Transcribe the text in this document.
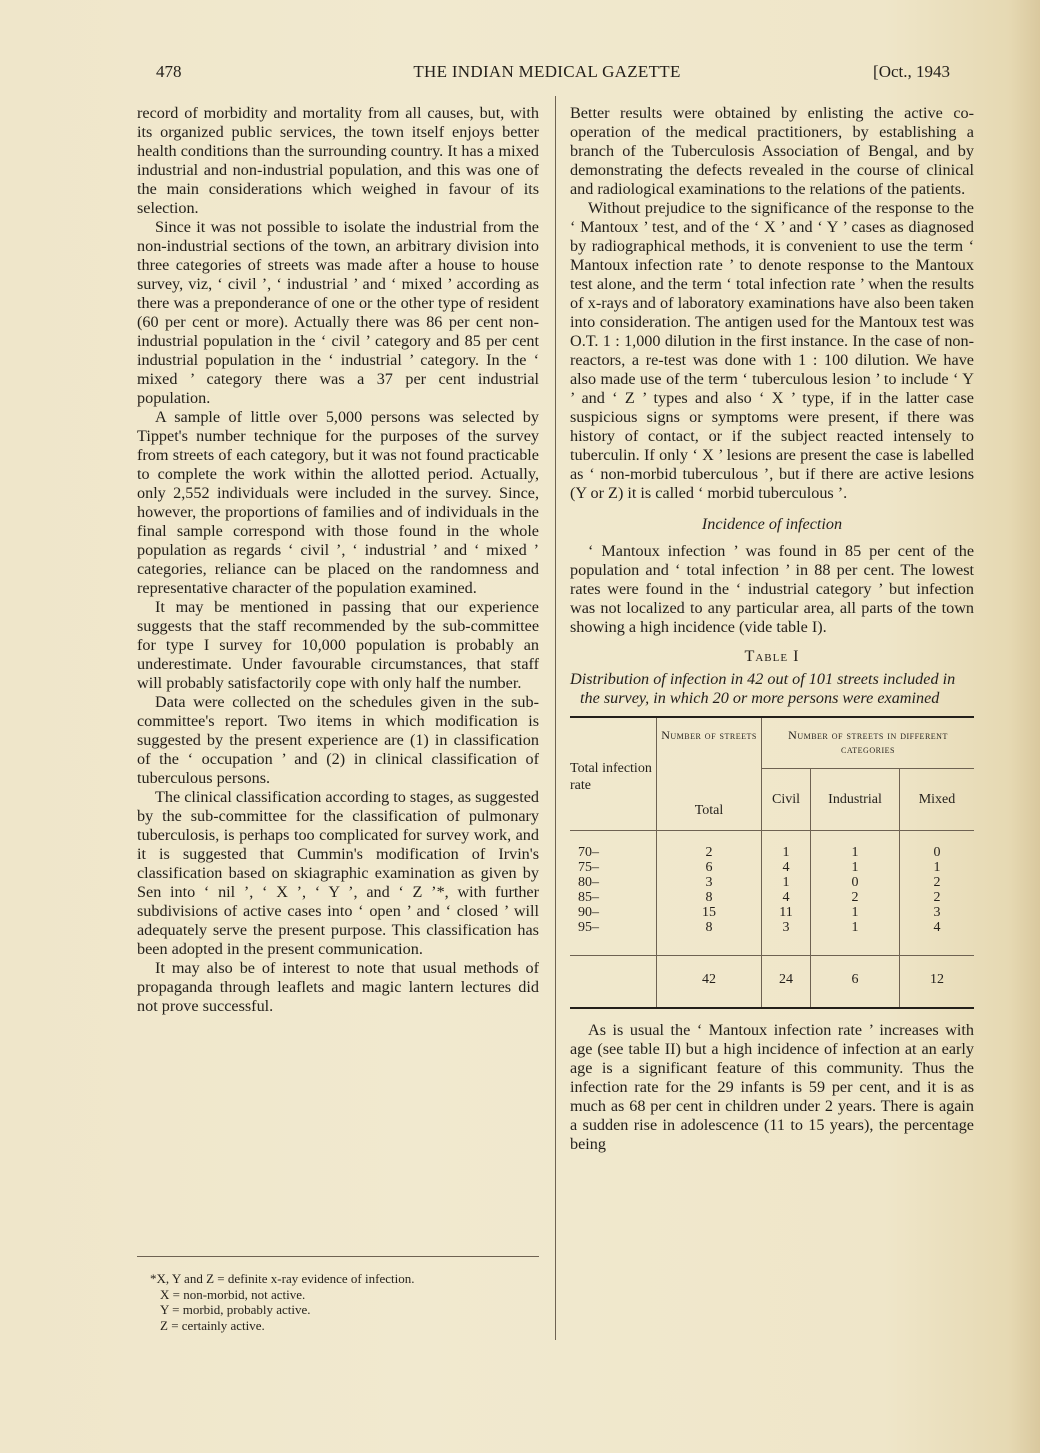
478	THE INDIAN MEDICAL GAZETTE	[Oct., 1943

record of morbidity and mortality from all causes, but, with its organized public services, the town itself enjoys better health conditions than the surrounding country. It has a mixed industrial and non-industrial population, and this was one of the main considerations which weighed in favour of its selection.

Since it was not possible to isolate the industrial from the non-industrial sections of the town, an arbitrary division into three categories of streets was made after a house to house survey, viz, ‘ civil ’, ‘ industrial ’ and ‘ mixed ’ according as there was a preponderance of one or the other type of resident (60 per cent or more). Actually there was 86 per cent non-industrial population in the ‘ civil ’ category and 85 per cent industrial population in the ‘ industrial ’ category. In the ‘ mixed ’ category there was a 37 per cent industrial population.

A sample of little over 5,000 persons was selected by Tippet's number technique for the purposes of the survey from streets of each category, but it was not found practicable to complete the work within the allotted period. Actually, only 2,552 individuals were included in the survey. Since, however, the proportions of families and of individuals in the final sample correspond with those found in the whole population as regards ‘ civil ’, ‘ industrial ’ and ‘ mixed ’ categories, reliance can be placed on the randomness and representative character of the population examined.

It may be mentioned in passing that our experience suggests that the staff recommended by the sub-committee for type I survey for 10,000 population is probably an underestimate. Under favourable circumstances, that staff will probably satisfactorily cope with only half the number.

Data were collected on the schedules given in the sub-committee's report. Two items in which modification is suggested by the present experience are (1) in classification of the ‘ occupation ’ and (2) in clinical classification of tuberculous persons.

The clinical classification according to stages, as suggested by the sub-committee for the classification of pulmonary tuberculosis, is perhaps too complicated for survey work, and it is suggested that Cummin's modification of Irvin's classification based on skiagraphic examination as given by Sen into ‘ nil ’, ‘ X ’, ‘ Y ’, and ‘ Z ’*, with further subdivisions of active cases into ‘ open ’ and ‘ closed ’ will adequately serve the present purpose. This classification has been adopted in the present communication.

It may also be of interest to note that usual methods of propaganda through leaflets and magic lantern lectures did not prove successful.

*X, Y and Z = definite x-ray evidence of infection.
X = non-morbid, not active.
Y = morbid, probably active.
Z = certainly active.

Better results were obtained by enlisting the active co-operation of the medical practitioners, by establishing a branch of the Tuberculosis Association of Bengal, and by demonstrating the defects revealed in the course of clinical and radiological examinations to the relations of the patients.

Without prejudice to the significance of the response to the ‘ Mantoux ’ test, and of the ‘ X ’ and ‘ Y ’ cases as diagnosed by radiographical methods, it is convenient to use the term ‘ Mantoux infection rate ’ to denote response to the Mantoux test alone, and the term ‘ total infection rate ’ when the results of x-rays and of laboratory examinations have also been taken into consideration. The antigen used for the Mantoux test was O.T. 1 : 1,000 dilution in the first instance. In the case of non-reactors, a re-test was done with 1 : 100 dilution. We have also made use of the term ‘ tuberculous lesion ’ to include ‘ Y ’ and ‘ Z ’ types and also ‘ X ’ type, if in the latter case suspicious signs or symptoms were present, if there was history of contact, or if the subject reacted intensely to tuberculin. If only ‘ X ’ lesions are present the case is labelled as ‘ non-morbid tuberculous ’, but if there are active lesions (Y or Z) it is called ‘ morbid tuberculous ’.

Incidence of infection

‘ Mantoux infection ’ was found in 85 per cent of the population and ‘ total infection ’ in 88 per cent. The lowest rates were found in the ‘ industrial category ’ but infection was not localized to any particular area, all parts of the town showing a high incidence (vide table I).

Table I
Distribution of infection in 42 out of 101 streets included in the survey, in which 20 or more persons were examined
Total infection rate	Number of streets	Number of streets in different categories		
	Total	Civil	Industrial	Mixed
70–	2	1	1	0
75–	6	4	1	1
80–	3	1	0	2
85–	8	4	2	2
90–	15	11	1	3
95–	8	3	1	4
	42	24	6	12

As is usual the ‘ Mantoux infection rate ’ increases with age (see table II) but a high incidence of infection at an early age is a significant feature of this community. Thus the infection rate for the 29 infants is 59 per cent, and it is as much as 68 per cent in children under 2 years. There is again a sudden rise in adolescence (11 to 15 years), the percentage being
